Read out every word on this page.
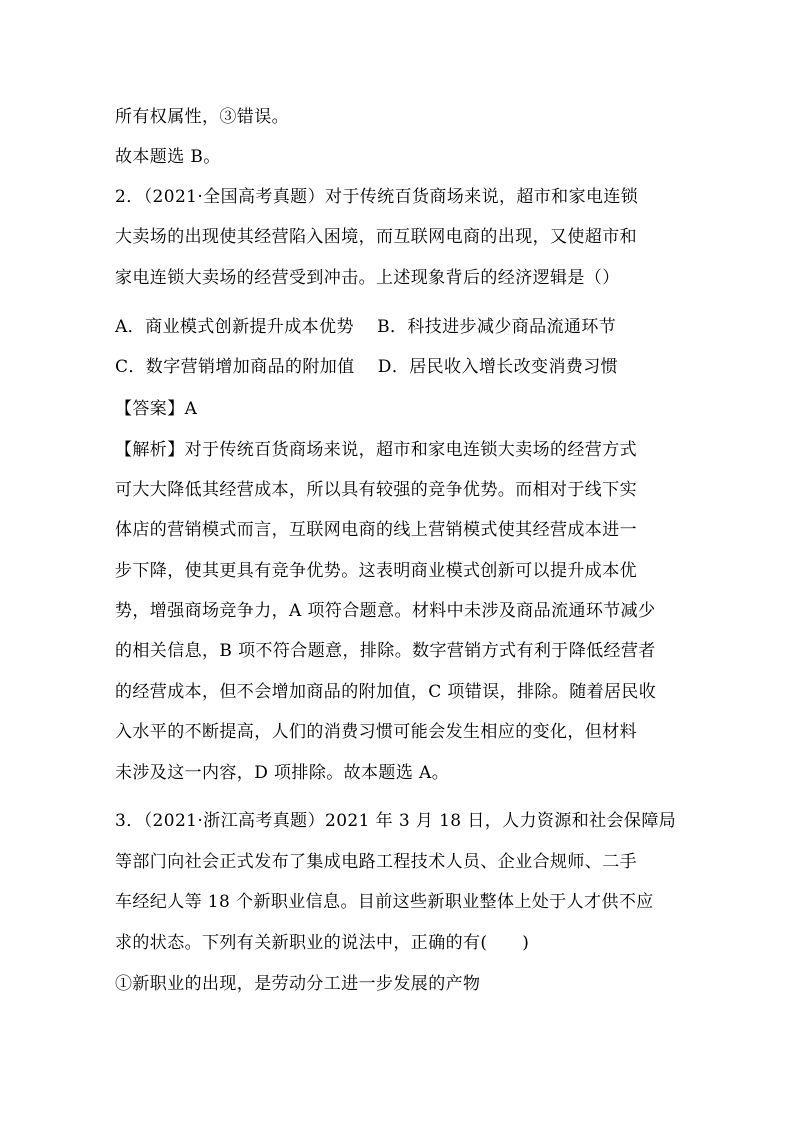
所有权属性，③错误。
故本题选 B。
2．（2021·全国高考真题）对于传统百货商场来说，超市和家电连锁
大卖场的出现使其经营陷入困境，而互联网电商的出现，又使超市和
家电连锁大卖场的经营受到冲击。上述现象背后的经济逻辑是（）
A．商业模式创新提升成本优势　 B．科技进步减少商品流通环节
C．数字营销增加商品的附加值　 D．居民收入增长改变消费习惯
【答案】A
【解析】对于传统百货商场来说，超市和家电连锁大卖场的经营方式
可大大降低其经营成本，所以具有较强的竞争优势。而相对于线下实
体店的营销模式而言，互联网电商的线上营销模式使其经营成本进一
步下降，使其更具有竞争优势。这表明商业模式创新可以提升成本优
势，增强商场竞争力，A 项符合题意。材料中未涉及商品流通环节减少
的相关信息，B 项不符合题意，排除。数字营销方式有利于降低经营者
的经营成本，但不会增加商品的附加值，C 项错误，排除。随着居民收
入水平的不断提高，人们的消费习惯可能会发生相应的变化，但材料
未涉及这一内容，D 项排除。故本题选 A。
3．（2021·浙江高考真题）2021 年 3 月 18 日，人力资源和社会保障局
等部门向社会正式发布了集成电路工程技术人员、企业合规师、二手
车经纪人等 18 个新职业信息。目前这些新职业整体上处于人才供不应
求的状态。下列有关新职业的说法中，正确的有(　　)
①新职业的出现，是劳动分工进一步发展的产物
